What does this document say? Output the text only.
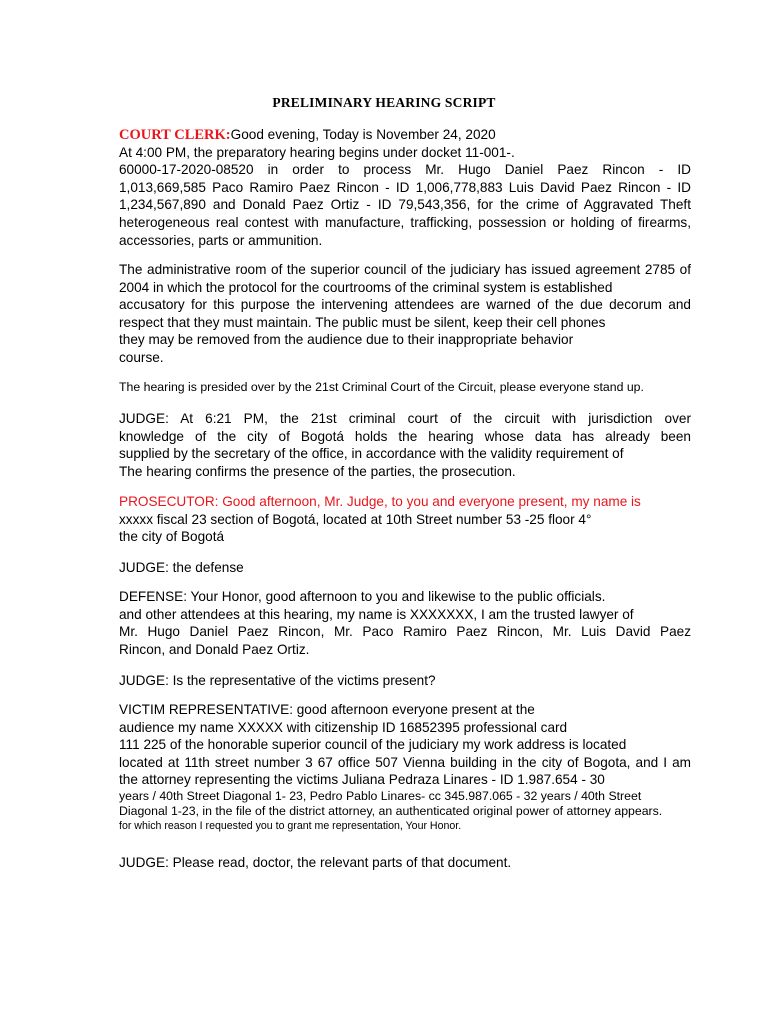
PRELIMINARY HEARING SCRIPT
COURT CLERK:Good evening, Today is November 24, 2020
At 4:00 PM, the preparatory hearing begins under docket 11-001-.
60000-17-2020-08520 in order to process Mr. Hugo Daniel Paez Rincon - ID
1,013,669,585 Paco Ramiro Paez Rincon - ID 1,006,778,883 Luis David Paez Rincon - ID
1,234,567,890 and Donald Paez Ortiz - ID 79,543,356, for the crime of Aggravated Theft
heterogeneous real contest with manufacture, trafficking, possession or holding of firearms,
accessories, parts or ammunition.
The administrative room of the superior council of the judiciary has issued agreement 2785 of
2004 in which the protocol for the courtrooms of the criminal system is established
accusatory for this purpose the intervening attendees are warned of the due decorum and
respect that they must maintain. The public must be silent, keep their cell phones
they may be removed from the audience due to their inappropriate behavior
course.
The hearing is presided over by the 21st Criminal Court of the Circuit, please everyone stand up.
JUDGE: At 6:21 PM, the 21st criminal court of the circuit with jurisdiction over
knowledge of the city of Bogotá holds the hearing whose data has already been
supplied by the secretary of the office, in accordance with the validity requirement of
The hearing confirms the presence of the parties, the prosecution.
PROSECUTOR: Good afternoon, Mr. Judge, to you and everyone present, my name is
xxxxx fiscal 23 section of Bogotá, located at 10th Street number 53 -25 floor 4°
the city of Bogotá
JUDGE: the defense
DEFENSE: Your Honor, good afternoon to you and likewise to the public officials.
and other attendees at this hearing, my name is XXXXXXX, I am the trusted lawyer of
Mr. Hugo Daniel Paez Rincon, Mr. Paco Ramiro Paez Rincon, Mr. Luis David Paez
Rincon, and Donald Paez Ortiz.
JUDGE: Is the representative of the victims present?
VICTIM REPRESENTATIVE: good afternoon everyone present at the
audience my name XXXXX with citizenship ID 16852395 professional card
111 225 of the honorable superior council of the judiciary my work address is located
located at 11th street number 3 67 office 507 Vienna building in the city of Bogota, and I am
the attorney representing the victims Juliana Pedraza Linares - ID 1.987.654 - 30
years / 40th Street Diagonal 1- 23, Pedro Pablo Linares- cc 345.987.065 - 32 years / 40th Street
Diagonal 1-23, in the file of the district attorney, an authenticated original power of attorney appears.
for which reason I requested you to grant me representation, Your Honor.
JUDGE: Please read, doctor, the relevant parts of that document.
